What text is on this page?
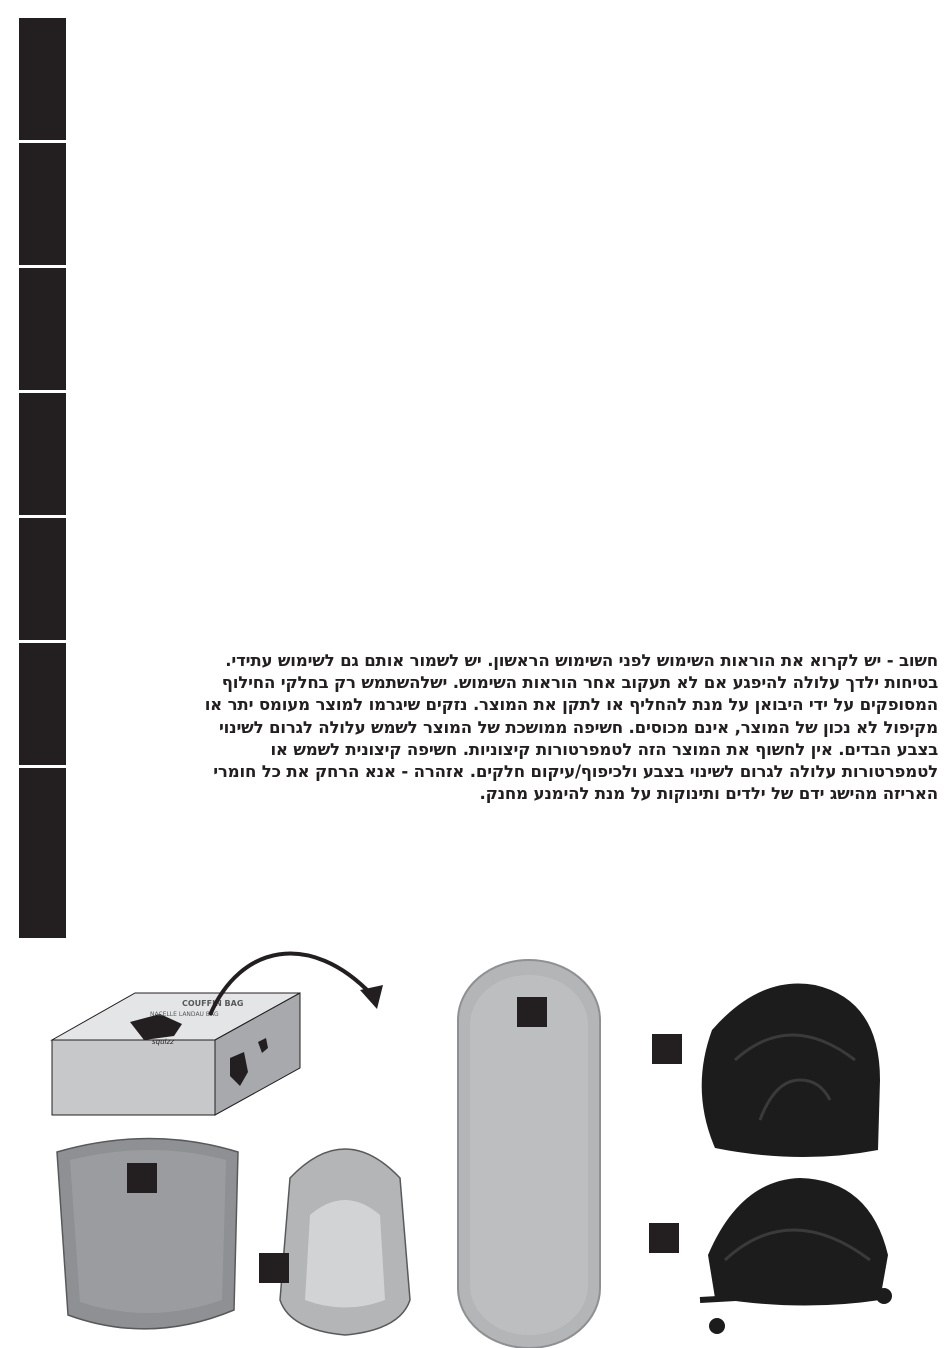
חשוב - יש לקרוא את הוראות השימוש לפני השימוש הראשון. יש לשמור אותם גם לשימוש עתידי.
בטיחות ילדך עלולה להיפגע אם לא תעקוב אחר הוראות השימוש. ישלהשתמש רק בחלקי החילוף
המסופקים על ידי היבואן על מנת להחליף או לתקן את המוצר. נזקים שיגרמו למוצר מעומס יתר או
מקיפול לא נכון של המוצר, אינם מכוסים. חשיפה ממושכת של המוצר לשמש עלולה לגרום לשינוי
בצבע הבדים. אין לחשוף את המוצר הזה לטמפרטורות קיצוניות. חשיפה קיצונית לשמש או
לטמפרטורות עלולה לגרום לשינוי בצבע ולכיפוף/עיקום חלקים. אזהרה - אנא הרחק את כל חומרי
האריזה מהישג ידם של ילדים ותינוקות על מנת להימנע מחנק.

COUFFIN BAG
NACELLE LANDAU BAG
squizz
